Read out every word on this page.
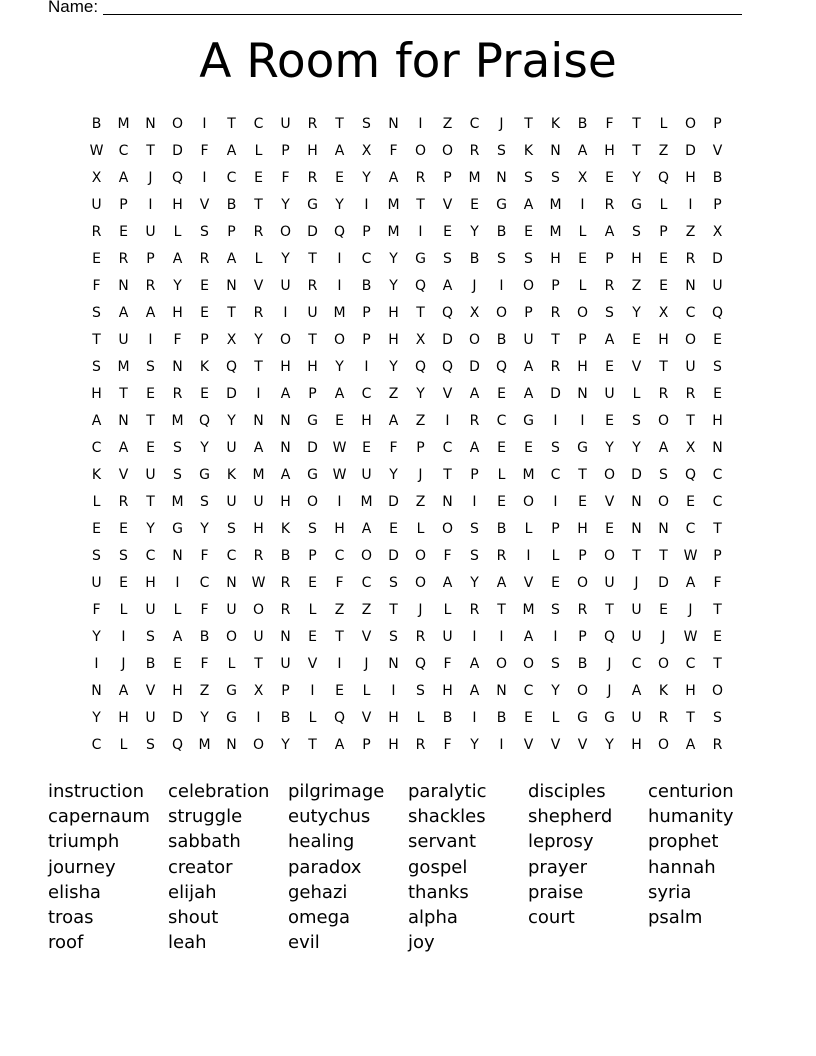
Name:
A Room for Praise
B	M	N	O	I	T	C	U	R	T	S	N	I	Z	C	J	T	K	B	F	T	L	O	P
W	C	T	D	F	A	L	P	H	A	X	F	O	O	R	S	K	N	A	H	T	Z	D	V
X	A	J	Q	I	C	E	F	R	E	Y	A	R	P	M	N	S	S	X	E	Y	Q	H	B
U	P	I	H	V	B	T	Y	G	Y	I	M	T	V	E	G	A	M	I	R	G	L	I	P
R	E	U	L	S	P	R	O	D	Q	P	M	I	E	Y	B	E	M	L	A	S	P	Z	X
E	R	P	A	R	A	L	Y	T	I	C	Y	G	S	B	S	S	H	E	P	H	E	R	D
F	N	R	Y	E	N	V	U	R	I	B	Y	Q	A	J	I	O	P	L	R	Z	E	N	U
S	A	A	H	E	T	R	I	U	M	P	H	T	Q	X	O	P	R	O	S	Y	X	C	Q
T	U	I	F	P	X	Y	O	T	O	P	H	X	D	O	B	U	T	P	A	E	H	O	E
S	M	S	N	K	Q	T	H	H	Y	I	Y	Q	Q	D	Q	A	R	H	E	V	T	U	S
H	T	E	R	E	D	I	A	P	A	C	Z	Y	V	A	E	A	D	N	U	L	R	R	E
A	N	T	M	Q	Y	N	N	G	E	H	A	Z	I	R	C	G	I	I	E	S	O	T	H
C	A	E	S	Y	U	A	N	D	W	E	F	P	C	A	E	E	S	G	Y	Y	A	X	N
K	V	U	S	G	K	M	A	G	W	U	Y	J	T	P	L	M	C	T	O	D	S	Q	C
L	R	T	M	S	U	U	H	O	I	M	D	Z	N	I	E	O	I	E	V	N	O	E	C
E	E	Y	G	Y	S	H	K	S	H	A	E	L	O	S	B	L	P	H	E	N	N	C	T
S	S	C	N	F	C	R	B	P	C	O	D	O	F	S	R	I	L	P	O	T	T	W	P
U	E	H	I	C	N	W	R	E	F	C	S	O	A	Y	A	V	E	O	U	J	D	A	F
F	L	U	L	F	U	O	R	L	Z	Z	T	J	L	R	T	M	S	R	T	U	E	J	T
Y	I	S	A	B	O	U	N	E	T	V	S	R	U	I	I	A	I	P	Q	U	J	W	E
I	J	B	E	F	L	T	U	V	I	J	N	Q	F	A	O	O	S	B	J	C	O	C	T
N	A	V	H	Z	G	X	P	I	E	L	I	S	H	A	N	C	Y	O	J	A	K	H	O
Y	H	U	D	Y	G	I	B	L	Q	V	H	L	B	I	B	E	L	G	G	U	R	T	S
C	L	S	Q	M	N	O	Y	T	A	P	H	R	F	Y	I	V	V	V	Y	H	O	A	R
instruction	celebration	pilgrimage	paralytic	disciples	centurion
capernaum	struggle	eutychus	shackles	shepherd	humanity
triumph	sabbath	healing	servant	leprosy	prophet
journey	creator	paradox	gospel	prayer	hannah
elisha	elijah	gehazi	thanks	praise	syria
troas	shout	omega	alpha	court	psalm
roof	leah	evil	joy
